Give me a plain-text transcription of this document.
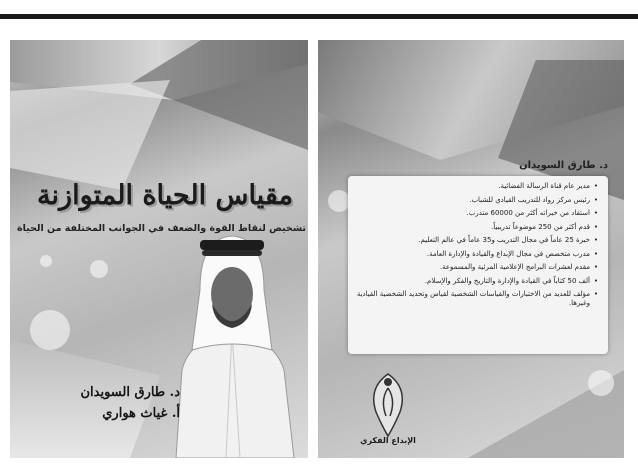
مقياس الحياة المتوازنة
تشخيص لنقاط القوة والضعف في الجوانب المختلفة من الحياة
د. طارق السويدان
أ. غياث هواري
د. طارق السويدان
• مدير عام قناة الرسالة الفضائية.
• رئيس مركز رواد للتدريب القيادي للشباب.
• استفاد من خبراته أكثر من 60000 متدرب.
• قدم أكثر من 250 موضوعاً تدريبياً.
• خبرة 25 عاماً في مجال التدريب و35 عاماً في عالم التعليم.
• مدرب متخصص في مجال الإبداع والقيادة والإدارة العامة.
• مقدم لعشرات البرامج الإعلامية المرئية والمسموعة.
• ألف 50 كتاباً في القيادة والإدارة والتاريخ والفكر والإسلام.
• مؤلف للعديد من الاختبارات والقياسات الشخصية لقياس وتحديد الشخصية القيادية وغيرها.
الإبداع الفكري
